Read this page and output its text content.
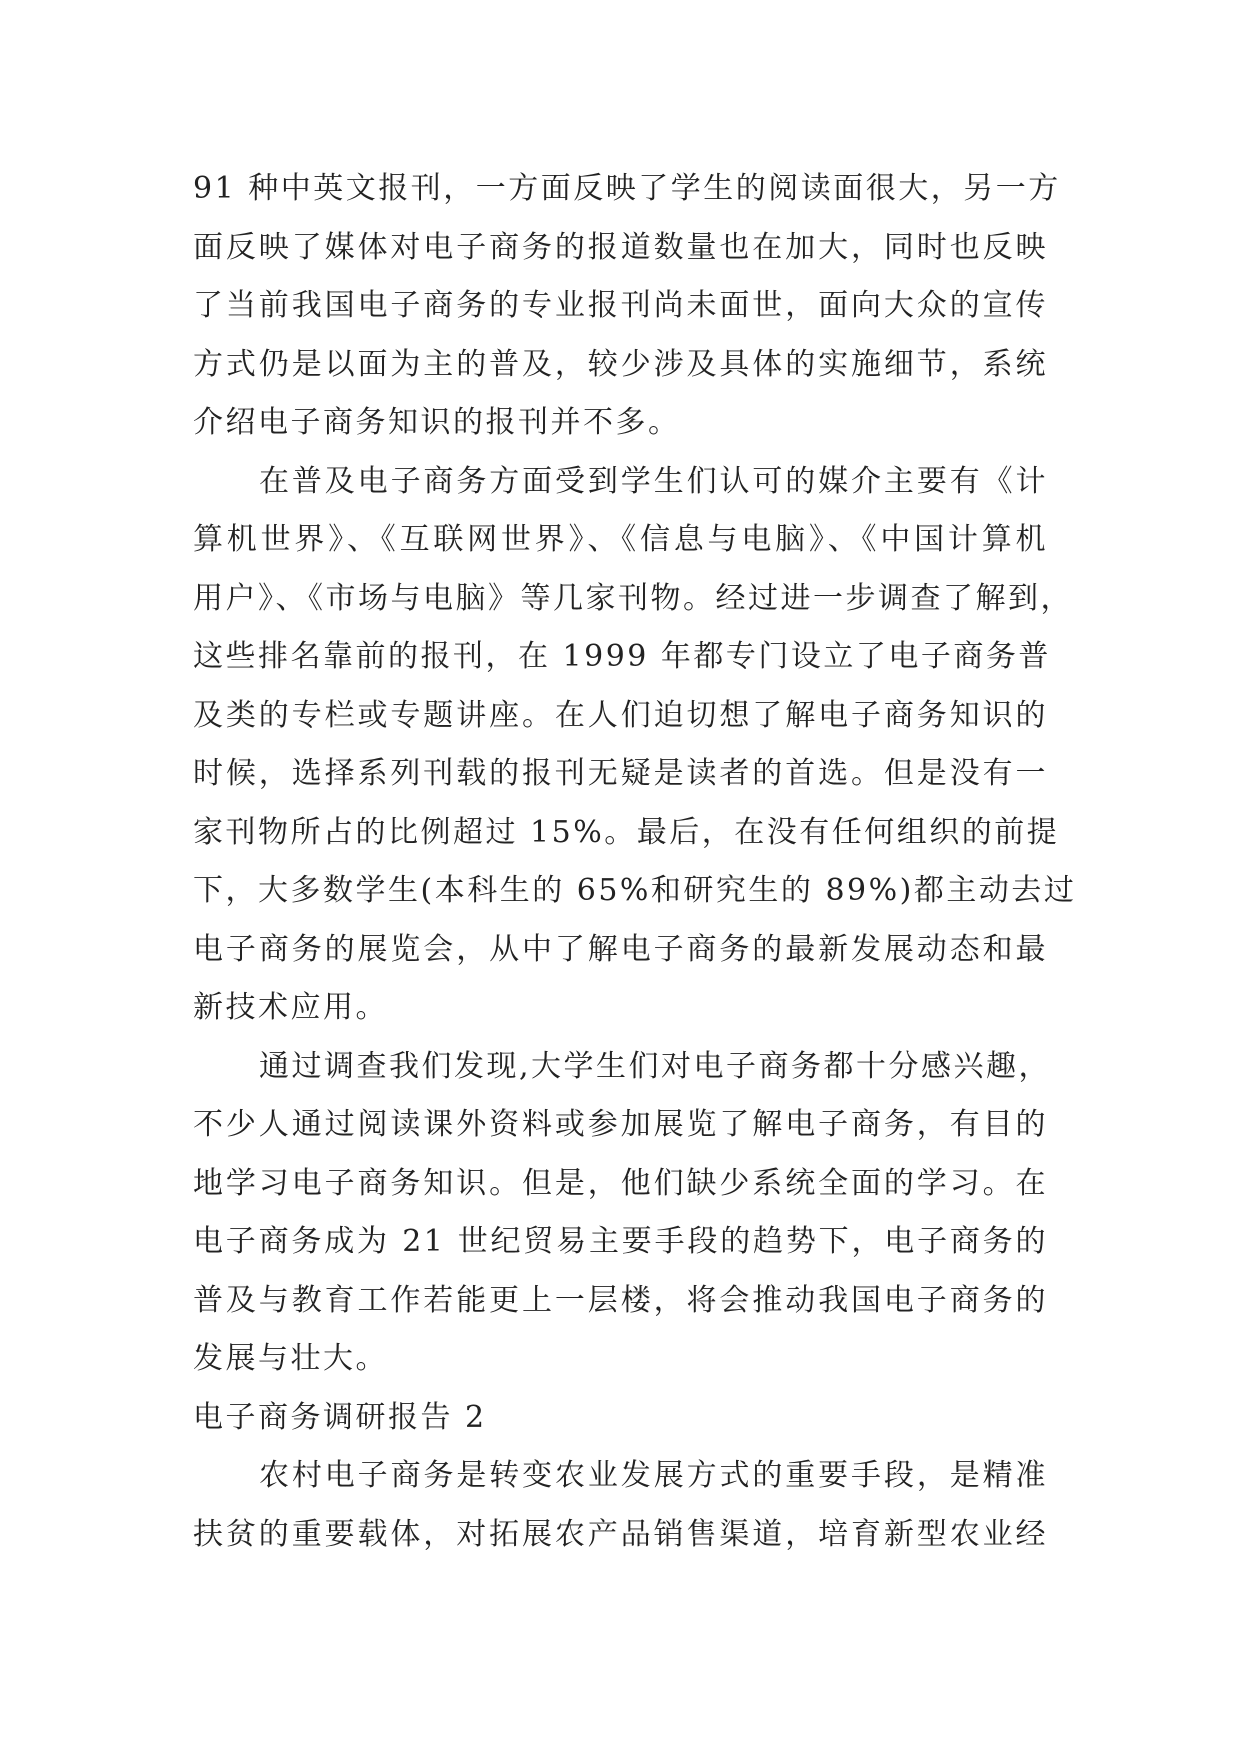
91 种中英文报刊，一方面反映了学生的阅读面很大，另一方
面反映了媒体对电子商务的报道数量也在加大，同时也反映
了当前我国电子商务的专业报刊尚未面世，面向大众的宣传
方式仍是以面为主的普及，较少涉及具体的实施细节，系统
介绍电子商务知识的报刊并不多。

在普及电子商务方面受到学生们认可的媒介主要有《计
算机世界》、《互联网世界》、《信息与电脑》、《中国计算机
用户》、《市场与电脑》等几家刊物。经过进一步调查了解到，
这些排名靠前的报刊，在 1999 年都专门设立了电子商务普
及类的专栏或专题讲座。在人们迫切想了解电子商务知识的
时候，选择系列刊载的报刊无疑是读者的首选。但是没有一
家刊物所占的比例超过 15%。最后，在没有任何组织的前提
下，大多数学生(本科生的 65%和研究生的 89%)都主动去过
电子商务的展览会，从中了解电子商务的最新发展动态和最
新技术应用。

通过调查我们发现,大学生们对电子商务都十分感兴趣，
不少人通过阅读课外资料或参加展览了解电子商务，有目的
地学习电子商务知识。但是，他们缺少系统全面的学习。在
电子商务成为 21 世纪贸易主要手段的趋势下，电子商务的
普及与教育工作若能更上一层楼，将会推动我国电子商务的
发展与壮大。

电子商务调研报告 2

农村电子商务是转变农业发展方式的重要手段，是精准
扶贫的重要载体，对拓展农产品销售渠道，培育新型农业经
